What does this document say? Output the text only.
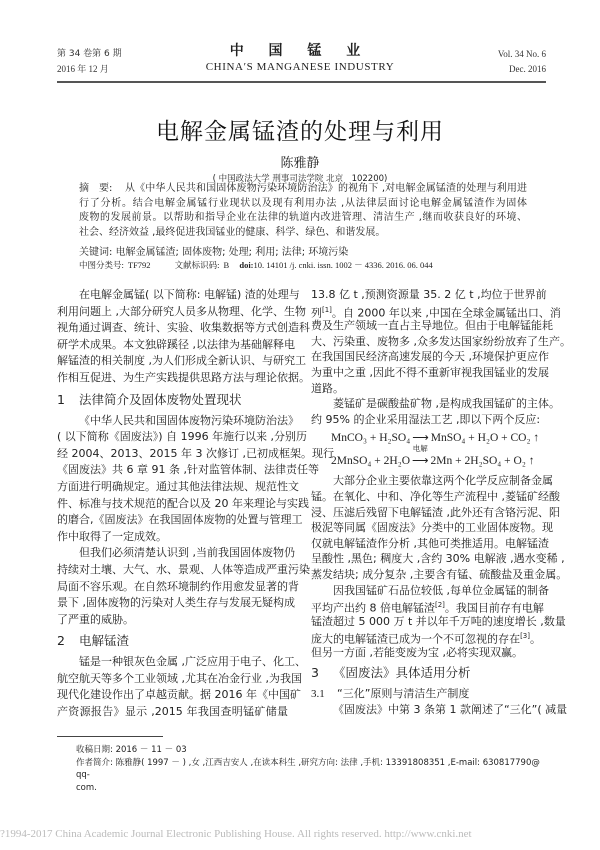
第 34 卷第 6 期
2016 年 12 月
中 国 锰 业
CHINA′S MANGANESE INDUSTRY
Vol. 34 No. 6
Dec. 2016
电解金属锰渣的处理与利用
陈雅静
( 中国政法大学 刑事司法学院 北京　102200)
摘　要: 从《中华人民共和国固体废物污染环境防治法》的视角下 ,对电解金属锰渣的处理与利用进
行了分析。结合电解金属锰行业现状以及现有利用办法 ,从法律层面讨论电解金属锰渣作为固体
废物的发展前景。以帮助和指导企业在法律的轨道内改进管理、清洁生产 ,继而收获良好的环境、
社会、经济效益 ,最终促进我国锰业的健康、科学、绿色、和谐发展。
关键词: 电解金属锰渣; 固体废物; 处理; 利用; 法律; 环境污染
中图分类号: TF792	文献标识码: B doi:10. 14101 /j. cnki. issn. 1002 － 4336. 2016. 06. 044
在电解金属锰( 以下简称: 电解锰) 渣的处理与
利用问题上 ,大部分研究人员多从物理、化学、生物
视角通过调查、统计、实验、收集数据等方式创造科
研学术成果。本文独辟蹊径 ,以法律为基础解释电
解锰渣的相关制度 ,为人们形成全新认识、与研究工
作相互促进、为生产实践提供思路方法与理论依据。
1 法律简介及固体废物处置现状
《中华人民共和国固体废物污染环境防治法》
( 以下简称《固废法》) 自 1996 年施行以来 ,分别历
经 2004、2013、2015 年 3 次修订 ,已初成框架。现行
《固废法》共 6 章 91 条 ,针对监管体制、法律责任等
方面进行明确规定。通过其他法律法规、规范性文
件、标准与技术规范的配合以及 20 年来理论与实践
的磨合,《固废法》在我国固体废物的处置与管理工
作中取得了一定成效。
但我们必须清楚认识到 ,当前我国固体废物仍
持续对土壤、大气、水、景观、人体等造成严重污染 ,
局面不容乐观。在自然环境制约作用愈发显著的背
景下 ,固体废物的污染对人类生存与发展无疑构成
了严重的威胁。
2 电解锰渣
锰是一种银灰色金属 ,广泛应用于电子、化工、
航空航天等多个工业领域 ,尤其在冶金行业 ,为我国
现代化建设作出了卓越贡献。据 2016 年《中国矿
产资源报告》显示 ,2015 年我国查明锰矿储量
13.8 亿 t ,预测资源量 35. 2 亿 t ,均位于世界前
列[1]。自 2000 年以来 ,中国在全球金属锰出口、消
费及生产领域一直占主导地位。但由于电解锰能耗
大、污染重、废物多 ,众多发达国家纷纷放弃了生产。
在我国国民经济高速发展的今天 ,环境保护更应作
为重中之重 ,因此不得不重新审视我国锰业的发展
道路。
菱锰矿是碳酸盐矿物 ,是构成我国锰矿的主体。
约 95% 的企业采用湿法工艺 ,即以下两个反应:
MnCO₃ + H₂SO₄ ⟶ MnSO₄ + H₂O + CO₂ ↑
2MnSO₄ + 2H₂O
电解
⟶ 2Mn + 2H₂SO₄ + O₂ ↑
大部分企业主要依靠这两个化学反应制备金属
锰。在氧化、中和、净化等生产流程中 ,菱锰矿经酸
浸、压滤后残留下电解锰渣 ,此外还有含铬污泥、阳
极泥等同属《固废法》分类中的工业固体废物。现
仅就电解锰渣作分析 ,其他可类推适用。电解锰渣
呈酸性 ,黑色; 稠度大 ,含约 30% 电解液 ,遇水变稀 ,
蒸发结块; 成分复杂 ,主要含有锰、硫酸盐及重金属。
因我国锰矿石品位较低 ,每单位金属锰的制备
平均产出约 8 倍电解锰渣[2]。我国目前存有电解
锰渣超过 5 000 万 t 并以年千万吨的速度增长 ,数量
庞大的电解锰渣已成为一个不可忽视的存在[3]。
但另一方面 ,若能变废为宝 ,必将实现双赢。
3 《固废法》具体适用分析
3.1 “三化”原则与清洁生产制度
《固废法》中第 3 条第 1 款阐述了“三化”( 减量
收稿日期: 2016 － 11 － 03
作者简介: 陈雅静( 1997 － ) ,女 ,江西吉安人 ,在读本科生 ,研究方向: 法律 ,手机: 13391808351 ,E-mail: 630817790@ qq-
com.
?1994-2017 China Academic Journal Electronic Publishing House. All rights reserved. http://www.cnki.net
